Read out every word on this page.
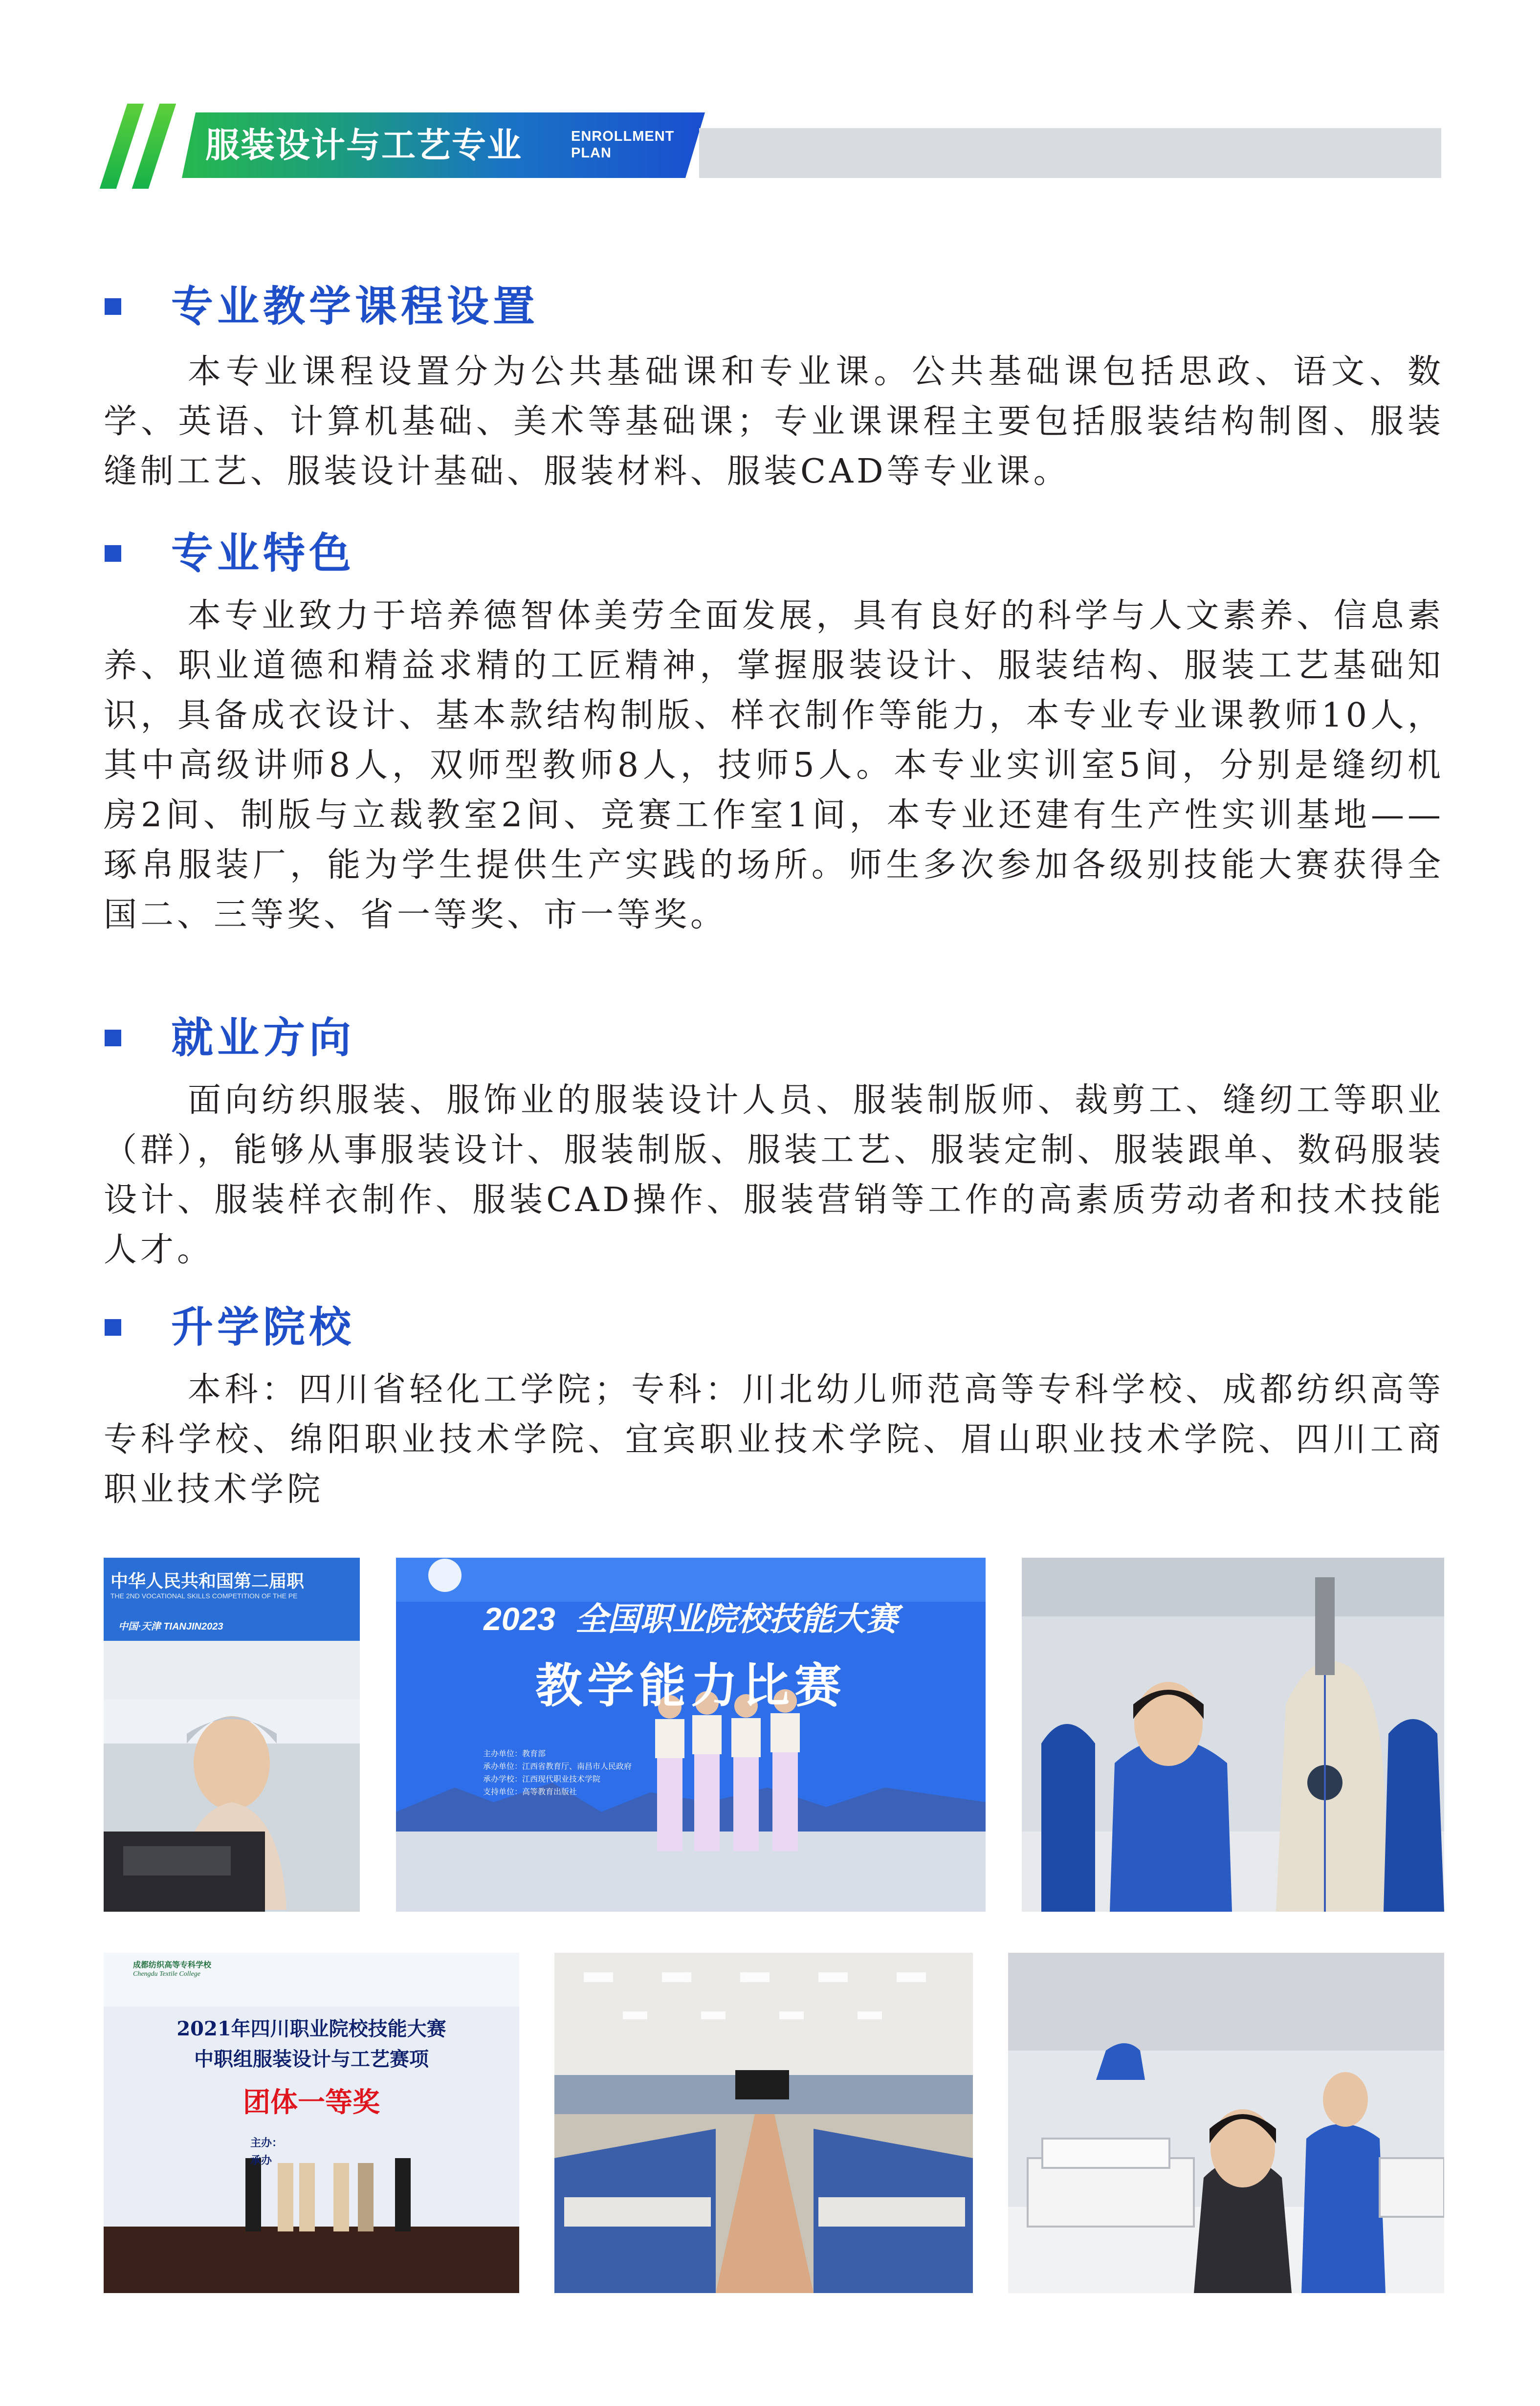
服装设计与工艺专业	ENROLLMENT
PLAN
专业教学课程设置

本专业课程设置分为公共基础课和专业课。公共基础课包括思政、语文、数学、英语、计算机基础、美术等基础课；专业课课程主要包括服装结构制图、服装缝制工艺、服装设计基础、服装材料、服装CAD等专业课。

专业特色

本专业致力于培养德智体美劳全面发展，具有良好的科学与人文素养、信息素养、职业道德和精益求精的工匠精神，掌握服装设计、服装结构、服装工艺基础知识，具备成衣设计、基本款结构制版、样衣制作等能力，本专业专业课教师10人，其中高级讲师8人，双师型教师8人，技师5人。本专业实训室5间，分别是缝纫机房2间、制版与立裁教室2间、竞赛工作室1间，本专业还建有生产性实训基地——琢帛服装厂，能为学生提供生产实践的场所。师生多次参加各级别技能大赛获得全国二、三等奖、省一等奖、市一等奖。

就业方向

面向纺织服装、服饰业的服装设计人员、服装制版师、裁剪工、缝纫工等职业（群），能够从事服装设计、服装制版、服装工艺、服装定制、服装跟单、数码服装设计、服装样衣制作、服装CAD操作、服装营销等工作的高素质劳动者和技术技能人才。

升学院校

本科：四川省轻化工学院；专科：川北幼儿师范高等专科学校、成都纺织高等专科学校、绵阳职业技术学院、宜宾职业技术学院、眉山职业技术学院、四川工商职业技术学院

中华人民共和国第二届职
THE 2ND VOCATIONAL SKILLS COMPETITION OF THE PE
中国·天津 TIANJIN2023	2023 全国职业院校技能大赛
教学能力比赛
主办单位：教育部
承办单位：江西省教育厅、南昌市人民政府
承办学校：江西现代职业技术学院
支持单位：高等教育出版社
成都纺织高等专科学校
Chengdu Textile College
2021年四川职业院校技能大赛
中职组服装设计与工艺赛项
团体一等奖
主办：
承办
